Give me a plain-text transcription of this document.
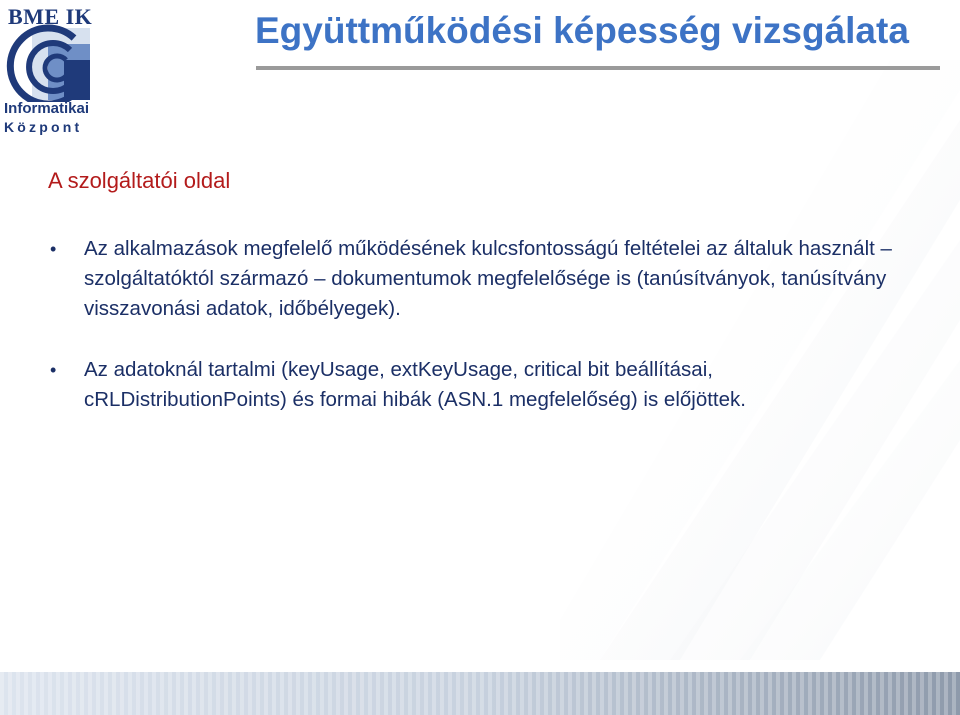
BME IK
Informatikai
Központ
Együttműködési képesség vizsgálata
A szolgáltatói oldal
• Az alkalmazások megfelelő működésének kulcsfontosságú feltételei az általuk használt – szolgáltatóktól származó – dokumentumok megfelelősége is (tanúsítványok, tanúsítvány visszavonási adatok, időbélyegek).
• Az adatoknál tartalmi (keyUsage, extKeyUsage, critical bit beállításai, cRLDistributionPoints) és formai hibák (ASN.1 megfelelőség) is előjöttek.
